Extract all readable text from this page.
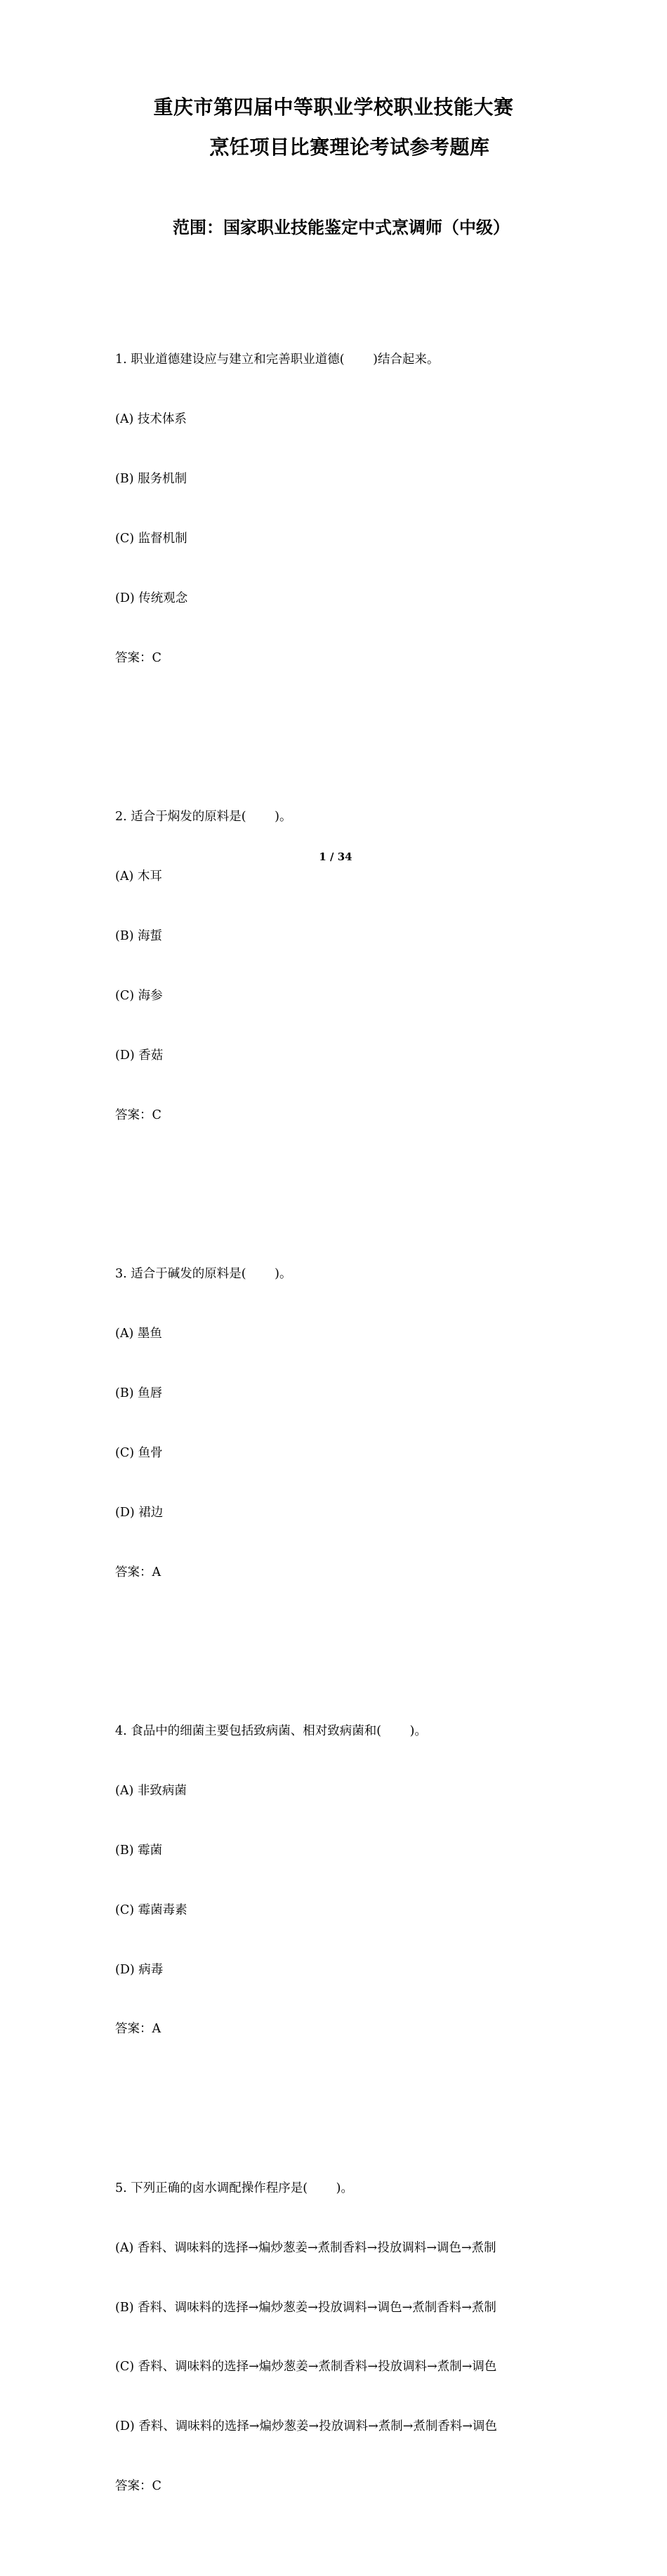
重庆市第四届中等职业学校职业技能大赛
烹饪项目比赛理论考试参考题库
范围：国家职业技能鉴定中式烹调师（中级）

1. 职业道德建设应与建立和完善职业道德(　　 )结合起来。

(A) 技术体系

(B) 服务机制

(C) 监督机制

(D) 传统观念

答案：C

2. 适合于焖发的原料是(　　 )。

(A) 木耳

(B) 海蜇

(C) 海参

(D) 香菇

答案：C

3. 适合于碱发的原料是(　　 )。

(A) 墨鱼

(B) 鱼唇

(C) 鱼骨

(D) 裙边

答案：A

4. 食品中的细菌主要包括致病菌、相对致病菌和(　　 )。

(A) 非致病菌

(B) 霉菌

(C) 霉菌毒素

(D) 病毒

答案：A

5. 下列正确的卤水调配操作程序是(　　 )。

(A) 香料、调味料的选择→煸炒葱姜→煮制香料→投放调料→调色→煮制

(B) 香料、调味料的选择→煸炒葱姜→投放调料→调色→煮制香料→煮制

(C) 香料、调味料的选择→煸炒葱姜→煮制香料→投放调料→煮制→调色

(D) 香料、调味料的选择→煸炒葱姜→投放调料→煮制→煮制香料→调色

答案：C

1 / 34
